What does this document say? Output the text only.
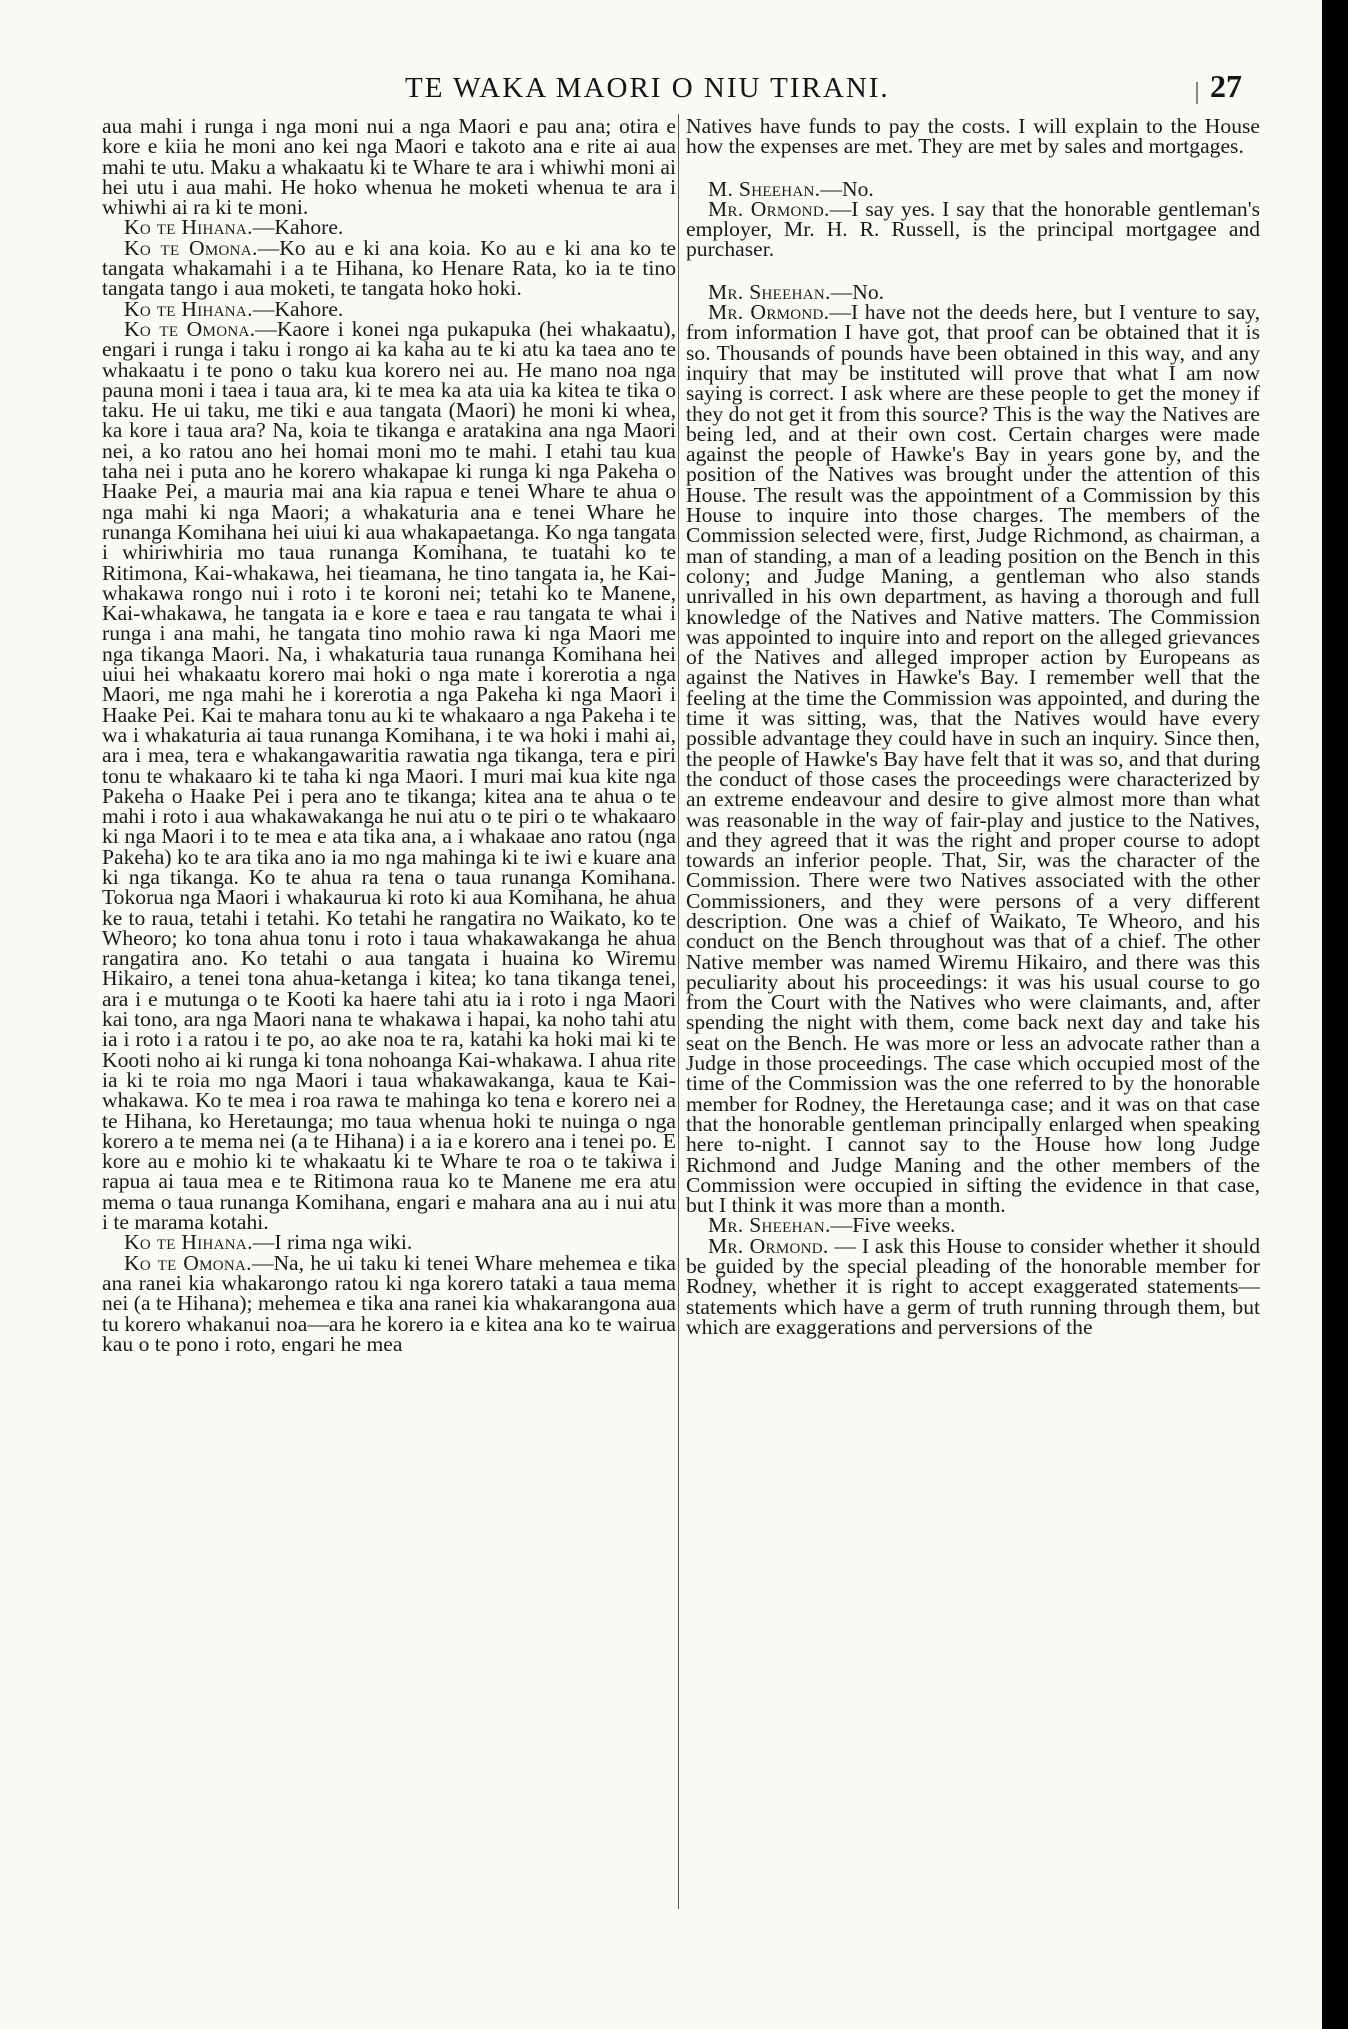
TE WAKA MAORI O NIU TIRANI.	27

aua mahi i runga i nga moni nui a nga Maori e pau ana; otira e kore e kiia he moni ano kei nga Maori e takoto ana e rite ai aua mahi te utu. Maku a whakaatu ki te Whare te ara i whiwhi moni ai hei utu i aua mahi. He hoko whenua he moketi whenua te ara i whiwhi ai ra ki te moni.

Ko te Hihana.—Kahore.

Ko te Omona.—Ko au e ki ana koia. Ko au e ki ana ko te tangata whakamahi i a te Hihana, ko Henare Rata, ko ia te tino tangata tango i aua moketi, te tangata hoko hoki.

Ko te Hihana.—Kahore.

Ko te Omona.—Kaore i konei nga pukapuka (hei whakaatu), engari i runga i taku i rongo ai ka kaha au te ki atu ka taea ano te whakaatu i te pono o taku kua korero nei au. He mano noa nga pauna moni i taea i taua ara, ki te mea ka ata uia ka kitea te tika o taku. He ui taku, me tiki e aua tangata (Maori) he moni ki whea, ka kore i taua ara? Na, koia te tikanga e aratakina ana nga Maori nei, a ko ratou ano hei homai moni mo te mahi. I etahi tau kua taha nei i puta ano he korero whakapae ki runga ki nga Pakeha o Haake Pei, a mauria mai ana kia rapua e tenei Whare te ahua o nga mahi ki nga Maori; a whakaturia ana e tenei Whare he runanga Komihana hei uiui ki aua whakapaetanga. Ko nga tangata i whiriwhiria mo taua runanga Komihana, te tuatahi ko te Ritimona, Kai-whakawa, hei tieamana, he tino tangata ia, he Kai-whakawa rongo nui i roto i te koroni nei; tetahi ko te Manene, Kai-whakawa, he tangata ia e kore e taea e rau tangata te whai i runga i ana mahi, he tangata tino mohio rawa ki nga Maori me nga tikanga Maori. Na, i whakaturia taua runanga Komihana hei uiui hei whakaatu korero mai hoki o nga mate i korerotia a nga Maori, me nga mahi he i korerotia a nga Pakeha ki nga Maori i Haake Pei. Kai te mahara tonu au ki te whakaaro a nga Pakeha i te wa i whakaturia ai taua runanga Komihana, i te wa hoki i mahi ai, ara i mea, tera e whakangawaritia rawatia nga tikanga, tera e piri tonu te whakaaro ki te taha ki nga Maori. I muri mai kua kite nga Pakeha o Haake Pei i pera ano te tikanga; kitea ana te ahua o te mahi i roto i aua whakawakanga he nui atu o te piri o te whakaaro ki nga Maori i to te mea e ata tika ana, a i whakaae ano ratou (nga Pakeha) ko te ara tika ano ia mo nga mahinga ki te iwi e kuare ana ki nga tikanga. Ko te ahua ra tena o taua runanga Komihana. Tokorua nga Maori i whakaurua ki roto ki aua Komihana, he ahua ke to raua, tetahi i tetahi. Ko tetahi he rangatira no Waikato, ko te Wheoro; ko tona ahua tonu i roto i taua whakawakanga he ahua rangatira ano. Ko tetahi o aua tangata i huaina ko Wiremu Hikairo, a tenei tona ahua-ketanga i kitea; ko tana tikanga tenei, ara i e mutunga o te Kooti ka haere tahi atu ia i roto i nga Maori kai tono, ara nga Maori nana te whakawa i hapai, ka noho tahi atu ia i roto i a ratou i te po, ao ake noa te ra, katahi ka hoki mai ki te Kooti noho ai ki runga ki tona nohoanga Kai-whakawa. I ahua rite ia ki te roia mo nga Maori i taua whakawakanga, kaua te Kai-whakawa. Ko te mea i roa rawa te mahinga ko tena e korero nei a te Hihana, ko Heretaunga; mo taua whenua hoki te nuinga o nga korero a te mema nei (a te Hihana) i a ia e korero ana i tenei po. E kore au e mohio ki te whakaatu ki te Whare te roa o te takiwa i rapua ai taua mea e te Ritimona raua ko te Manene me era atu mema o taua runanga Komihana, engari e mahara ana au i nui atu i te marama kotahi.

Ko te Hihana.—I rima nga wiki.

Ko te Omona.—Na, he ui taku ki tenei Whare mehemea e tika ana ranei kia whakarongo ratou ki nga korero tataki a taua mema nei (a te Hihana); mehemea e tika ana ranei kia whakarangona aua tu korero whakanui noa—ara he korero ia e kitea ana ko te wairua kau o te pono i roto, engari he mea

Natives have funds to pay the costs. I will explain to the House how the expenses are met. They are met by sales and mortgages.

M. Sheehan.—No.

Mr. Ormond.—I say yes. I say that the honorable gentleman's employer, Mr. H. R. Russell, is the principal mortgagee and purchaser.

Mr. Sheehan.—No.

Mr. Ormond.—I have not the deeds here, but I venture to say, from information I have got, that proof can be obtained that it is so. Thousands of pounds have been obtained in this way, and any inquiry that may be instituted will prove that what I am now saying is correct. I ask where are these people to get the money if they do not get it from this source? This is the way the Natives are being led, and at their own cost. Certain charges were made against the people of Hawke's Bay in years gone by, and the position of the Natives was brought under the attention of this House. The result was the appointment of a Commission by this House to inquire into those charges. The members of the Commission selected were, first, Judge Richmond, as chairman, a man of standing, a man of a leading position on the Bench in this colony; and Judge Maning, a gentleman who also stands unrivalled in his own department, as having a thorough and full knowledge of the Natives and Native matters. The Commission was appointed to inquire into and report on the alleged grievances of the Natives and alleged improper action by Europeans as against the Natives in Hawke's Bay. I remember well that the feeling at the time the Commission was appointed, and during the time it was sitting, was, that the Natives would have every possible advantage they could have in such an inquiry. Since then, the people of Hawke's Bay have felt that it was so, and that during the conduct of those cases the proceedings were characterized by an extreme endeavour and desire to give almost more than what was reasonable in the way of fair-play and justice to the Natives, and they agreed that it was the right and proper course to adopt towards an inferior people. That, Sir, was the character of the Commission. There were two Natives associated with the other Commissioners, and they were persons of a very different description. One was a chief of Waikato, Te Wheoro, and his conduct on the Bench throughout was that of a chief. The other Native member was named Wiremu Hikairo, and there was this peculiarity about his proceedings: it was his usual course to go from the Court with the Natives who were claimants, and, after spending the night with them, come back next day and take his seat on the Bench. He was more or less an advocate rather than a Judge in those proceedings. The case which occupied most of the time of the Commission was the one referred to by the honorable member for Rodney, the Heretaunga case; and it was on that case that the honorable gentleman principally enlarged when speaking here to-night. I cannot say to the House how long Judge Richmond and Judge Maning and the other members of the Commission were occupied in sifting the evidence in that case, but I think it was more than a month.

Mr. Sheehan.—Five weeks.

Mr. Ormond. — I ask this House to consider whether it should be guided by the special pleading of the honorable member for Rodney, whether it is right to accept exaggerated statements—statements which have a germ of truth running through them, but which are exaggerations and perversions of the
